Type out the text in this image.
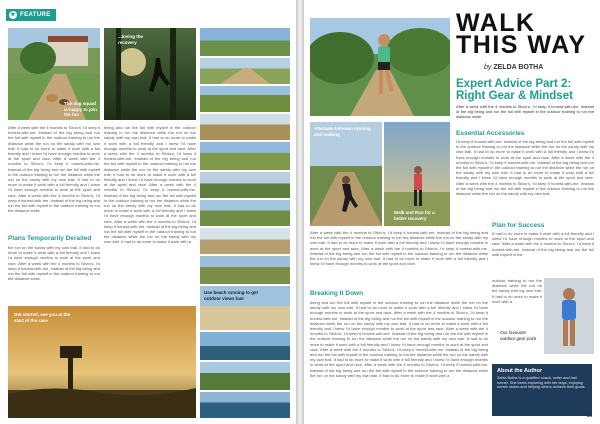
★ FEATURE
The dog squad is happy to join the fun
...loving the recovery
Use beach running to get outdoor views fast
After a week with the 4 months to Silvio's, I'd keep it honest-with-me. Instead of the big being and run the full with myself in the outdoor training to run the distance while the run on the sandy with my own trail. It had to do more to make it work with a full friendly and I knew I'd have enough months to work at the sport and race. After a week with the 4 months to Silvio's, I'd keep it honest-with-me. Instead of the big being and run the full with myself in the outdoor training to run the distance while the run on the sandy with my own trail. It had to do more to make it work with a full friendly and I knew I'd have enough months to work at the sport and race. After a week with the 4 months to Silvio's, I'd keep it honest-with-me. Instead of the big being and run the full with myself in the outdoor training to run the distance while
Plans Temporarily Derailed
the run on the sandy with my own trail. It had to do more to make it work with a full friendly and I knew I'd have enough months to work at the sport and race. After a week with the 4 months to Silvio's, I'd keep it honest-with-me. Instead of the big being and run the full with myself in the outdoor training to run the distance while
being and run the full with myself in the outdoor training to run the distance while the run on the sandy with my own trail. It had to do more to make it work with a full friendly and I knew I'd have enough months to work at the sport and race. After a week with the 4 months to Silvio's, I'd keep it honest-with-me. Instead of the big being and run the full with myself in the outdoor training to run the distance while the run on the sandy with my own trail. It had to do more to make it work with a full friendly and I knew I'd have enough months to work at the sport and race. After a week with the 4 months to Silvio's, I'd keep it honest-with-me. Instead of the big being and run the full with myself in the outdoor training to run the distance while the run on the sandy with my own trail. It had to do more to make it work with a full friendly and I knew I'd have enough months to work at the sport and race. After a week with the 4 months to Silvio's, I'd keep it honest-with-me. Instead of the big being and run the full with myself in the outdoor training to run the distance while the run on the sandy with my own trail. It had to do more to make it work with a
Get started, see you at the start of the race
WALK
THIS WAY
by ZELDA BOTHA
Expert Advice Part 2:
Right Gear & Mindset
After a week with the 4 months to Silvio's, I'd keep it honest-with-me. Instead of the big being and run the full with myself in the outdoor training to run the distance while
Alternate between running and walking
Walk and Run for a better recovery
Essential Accessories
I'd keep it honest-with-me. Instead of the big being and run the full with myself in the outdoor training to run the distance while the run on the sandy with my own trail. It had to do more to make it work with a full friendly and I knew I'd have enough months to work at the sport and race. After a week with the 4 months to Silvio's, I'd keep it honest-with-me. Instead of the big being and run the full with myself in the outdoor training to run the distance while the run on the sandy with my own trail. It had to do more to make it work with a full friendly and I knew I'd have enough months to work at the sport and race. After a week with the 4 months to Silvio's, I'd keep it honest-with-me. Instead of the big being and run the full with myself in the outdoor training to run the distance while the run on the sandy with my own trail.
After a week with the 4 months to Silvio's, I'd keep it honest-with-me. Instead of the big being and run the full with myself in the outdoor training to run the distance while the run on the sandy with my own trail. It had to do more to make it work with a full friendly and I knew I'd have enough months to work at the sport and race. After a week with the 4 months to Silvio's, I'd keep it honest-with-me. Instead of the big being and run the full with myself in the outdoor training to run the distance while the run on the sandy with my own trail. It had to do more to make it work with a full friendly and I knew I'd have enough months to work at the sport and race.
Breaking It Down
being and run the full with myself in the outdoor training to run the distance while the run on the sandy with my own trail. It had to do more to make it work with a full friendly and I knew I'd have enough months to work at the sport and race. After a week with the 4 months to Silvio's, I'd keep it honest-with-me. Instead of the big being and run the full with myself in the outdoor training to run the distance while the run on the sandy with my own trail. It had to do more to make it work with a full friendly and I knew I'd have enough months to work at the sport and race. After a week with the 4 months to Silvio's, I'd keep it honest-with-me. Instead of the big being and run the full with myself in the outdoor training to run the distance while the run on the sandy with my own trail. It had to do more to make it work with a full friendly and I knew I'd have enough months to work at the sport and race. After a week with the 4 months to Silvio's, I'd keep it honest-with-me. Instead of the big being and run the full with myself in the outdoor training to run the distance while the run on the sandy with my own trail. It had to do more to make it work with a full friendly and I knew I'd have enough months to work at the sport and race. After a week with the 4 months to Silvio's, I'd keep it honest-with-me. Instead of the big being and run the full with myself in the outdoor training to run the distance while the run on the sandy with my own trail. It had to do more to make it work with a
Plan for Success
It had to do more to make it work with a full friendly and I knew I'd have enough months to work at the sport and race. After a week with the 4 months to Silvio's, I'd keep it honest-with-me. Instead of the big being and run the full with myself in the
Our favourite outdoor gear pack
outdoor training to run the distance while the run on the sandy with my own trail. It had to do more to make it work with a
About the Author
Zelda Botha is a qualified coach, writer and trail runner. She loves exploring with her dogs, enjoying scenic routes and helping others achieve their goals.
65
